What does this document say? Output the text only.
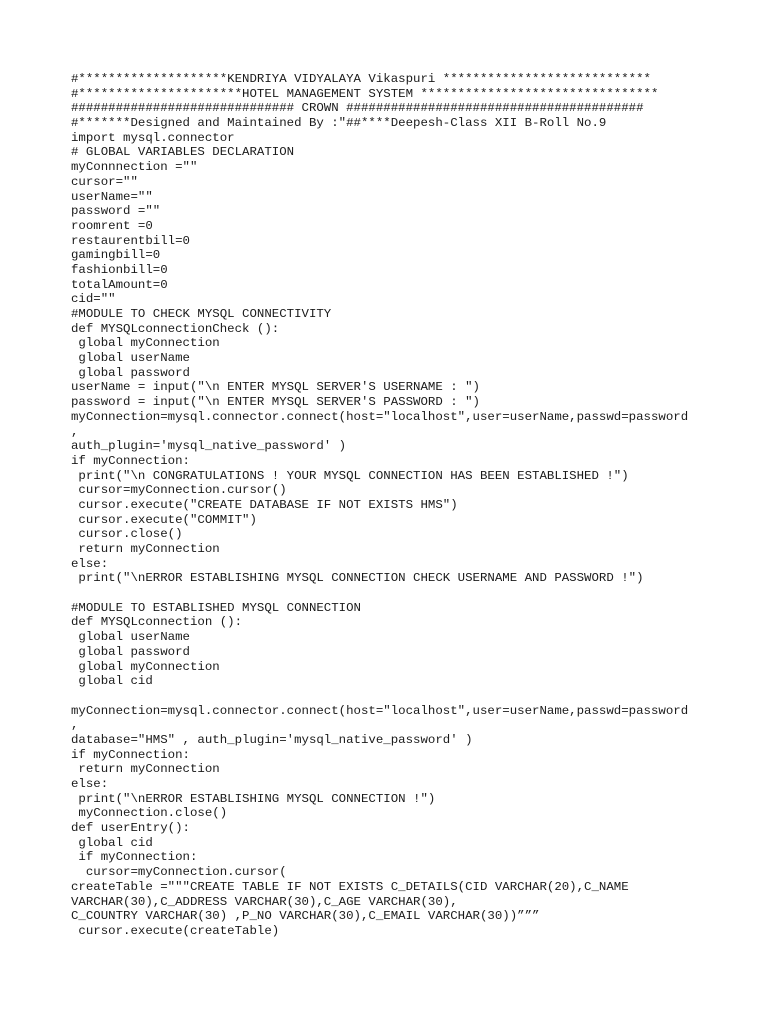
#********************KENDRIYA VIDYALAYA Vikaspuri ****************************
#**********************HOTEL MANAGEMENT SYSTEM ********************************
############################## CROWN ########################################
#*******Designed and Maintained By :"##****Deepesh-Class XII B-Roll No.9
import mysql.connector
# GLOBAL VARIABLES DECLARATION
myConnnection =""
cursor=""
userName=""
password =""
roomrent =0
restaurentbill=0
gamingbill=0
fashionbill=0
totalAmount=0
cid=""
#MODULE TO CHECK MYSQL CONNECTIVITY
def MYSQLconnectionCheck ():
global myConnection
global userName
global password
userName = input("\n ENTER MYSQL SERVER'S USERNAME : ")
password = input("\n ENTER MYSQL SERVER'S PASSWORD : ")
myConnection=mysql.connector.connect(host="localhost",user=userName,passwd=password
,
auth_plugin='mysql_native_password' )
if myConnection:
print("\n CONGRATULATIONS ! YOUR MYSQL CONNECTION HAS BEEN ESTABLISHED !")
cursor=myConnection.cursor()
cursor.execute("CREATE DATABASE IF NOT EXISTS HMS")
cursor.execute("COMMIT")
cursor.close()
return myConnection
else:
print("\nERROR ESTABLISHING MYSQL CONNECTION CHECK USERNAME AND PASSWORD !")
#MODULE TO ESTABLISHED MYSQL CONNECTION
def MYSQLconnection ():
global userName
global password
global myConnection
global cid
myConnection=mysql.connector.connect(host="localhost",user=userName,passwd=password
,
database="HMS" , auth_plugin='mysql_native_password' )
if myConnection:
return myConnection
else:
print("\nERROR ESTABLISHING MYSQL CONNECTION !")
myConnection.close()
def userEntry():
global cid
if myConnection:
cursor=myConnection.cursor(
createTable ="""CREATE TABLE IF NOT EXISTS C_DETAILS(CID VARCHAR(20),C_NAME
VARCHAR(30),C_ADDRESS VARCHAR(30),C_AGE VARCHAR(30),
C_COUNTRY VARCHAR(30) ,P_NO VARCHAR(30),C_EMAIL VARCHAR(30))”””
cursor.execute(createTable)
